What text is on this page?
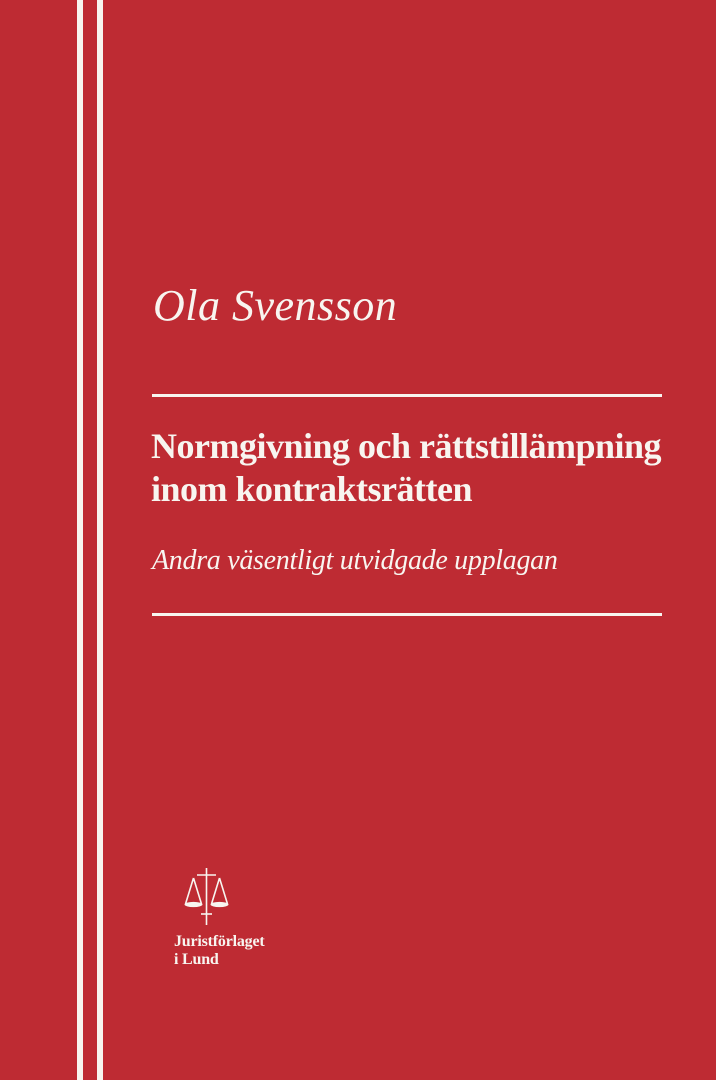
Ola Svensson
Normgivning och rättstillämpning
inom kontraktsrätten
Andra väsentligt utvidgade upplagan
Juristförlaget
i Lund
